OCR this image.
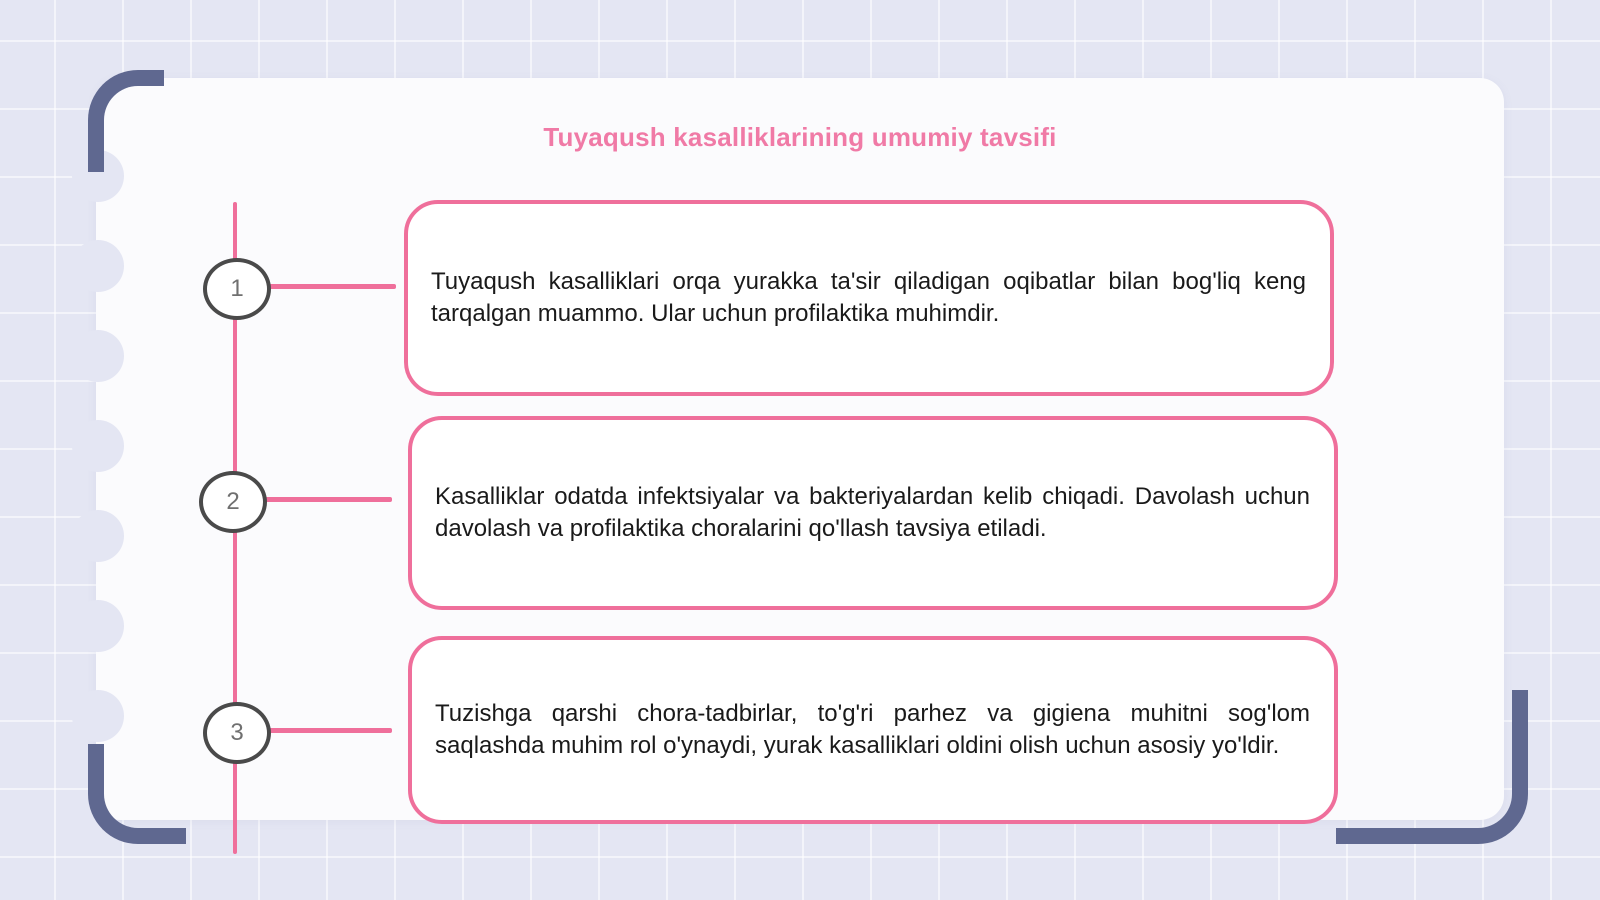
Tuyaqush kasalliklarining umumiy tavsifi
1	Tuyaqush kasalliklari orqa yurakka ta'sir qiladigan oqibatlar bilan bog'liq keng tarqalgan muammo. Ular uchun profilaktika muhimdir.
2	Kasalliklar odatda infektsiyalar va bakteriyalardan kelib chiqadi. Davolash uchun davolash va profilaktika choralarini qo'llash tavsiya etiladi.
3
Tuzishga qarshi chora-tadbirlar, to'g'ri parhez va gigiena muhitni sog'lom saqlashda muhim rol o'ynaydi, yurak kasalliklari oldini olish uchun asosiy yo'ldir.
